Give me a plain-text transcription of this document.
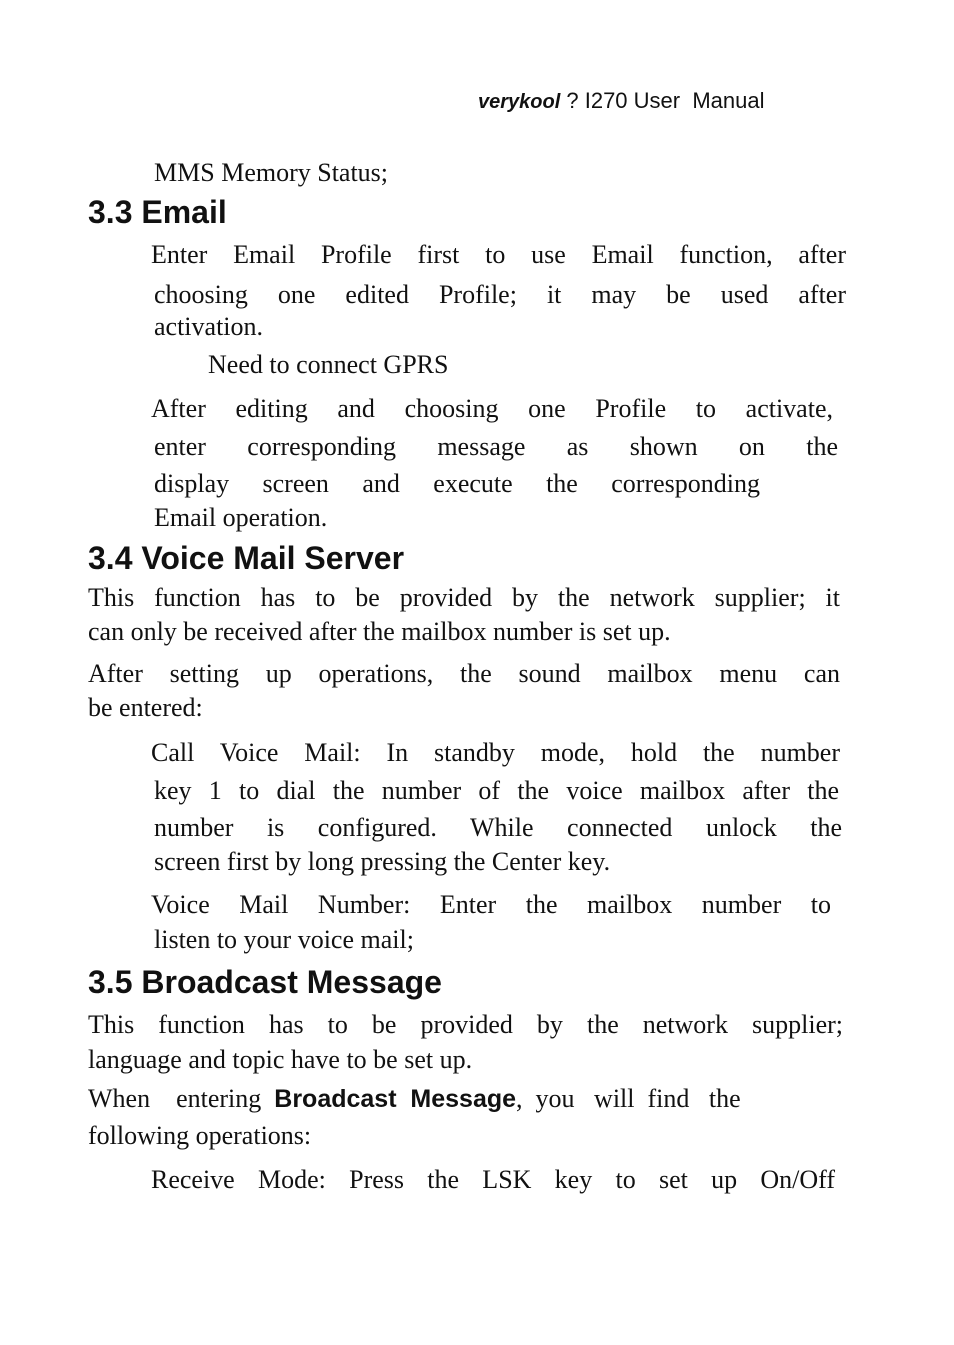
verykool ? I270 User  Manual
MMS Memory Status;
3.3 Email
Enter Email Profile first to use Email function, after
choosing one edited Profile; it may be used after
activation.
Need to connect GPRS
After editing and choosing one Profile to activate,
enter corresponding message as shown on the
display screen and execute the corresponding
Email operation.
3.4 Voice Mail Server
This function has to be provided by the network supplier; it
can only be received after the mailbox number is set up.
After setting up operations, the sound mailbox menu can
be entered:
Call Voice Mail: In standby mode, hold the number
key 1 to dial the number of the voice mailbox after the
number is configured. While connected unlock the
screen first by long pressing the Center key.
Voice Mail Number: Enter the mailbox number to
listen to your voice mail;
3.5 Broadcast Message
This function has to be provided by the network supplier;
language and topic have to be set up.
When    entering  Broadcast  Message,  you   will  find   the
following operations:
Receive Mode: Press the LSK key to set up On/Off
